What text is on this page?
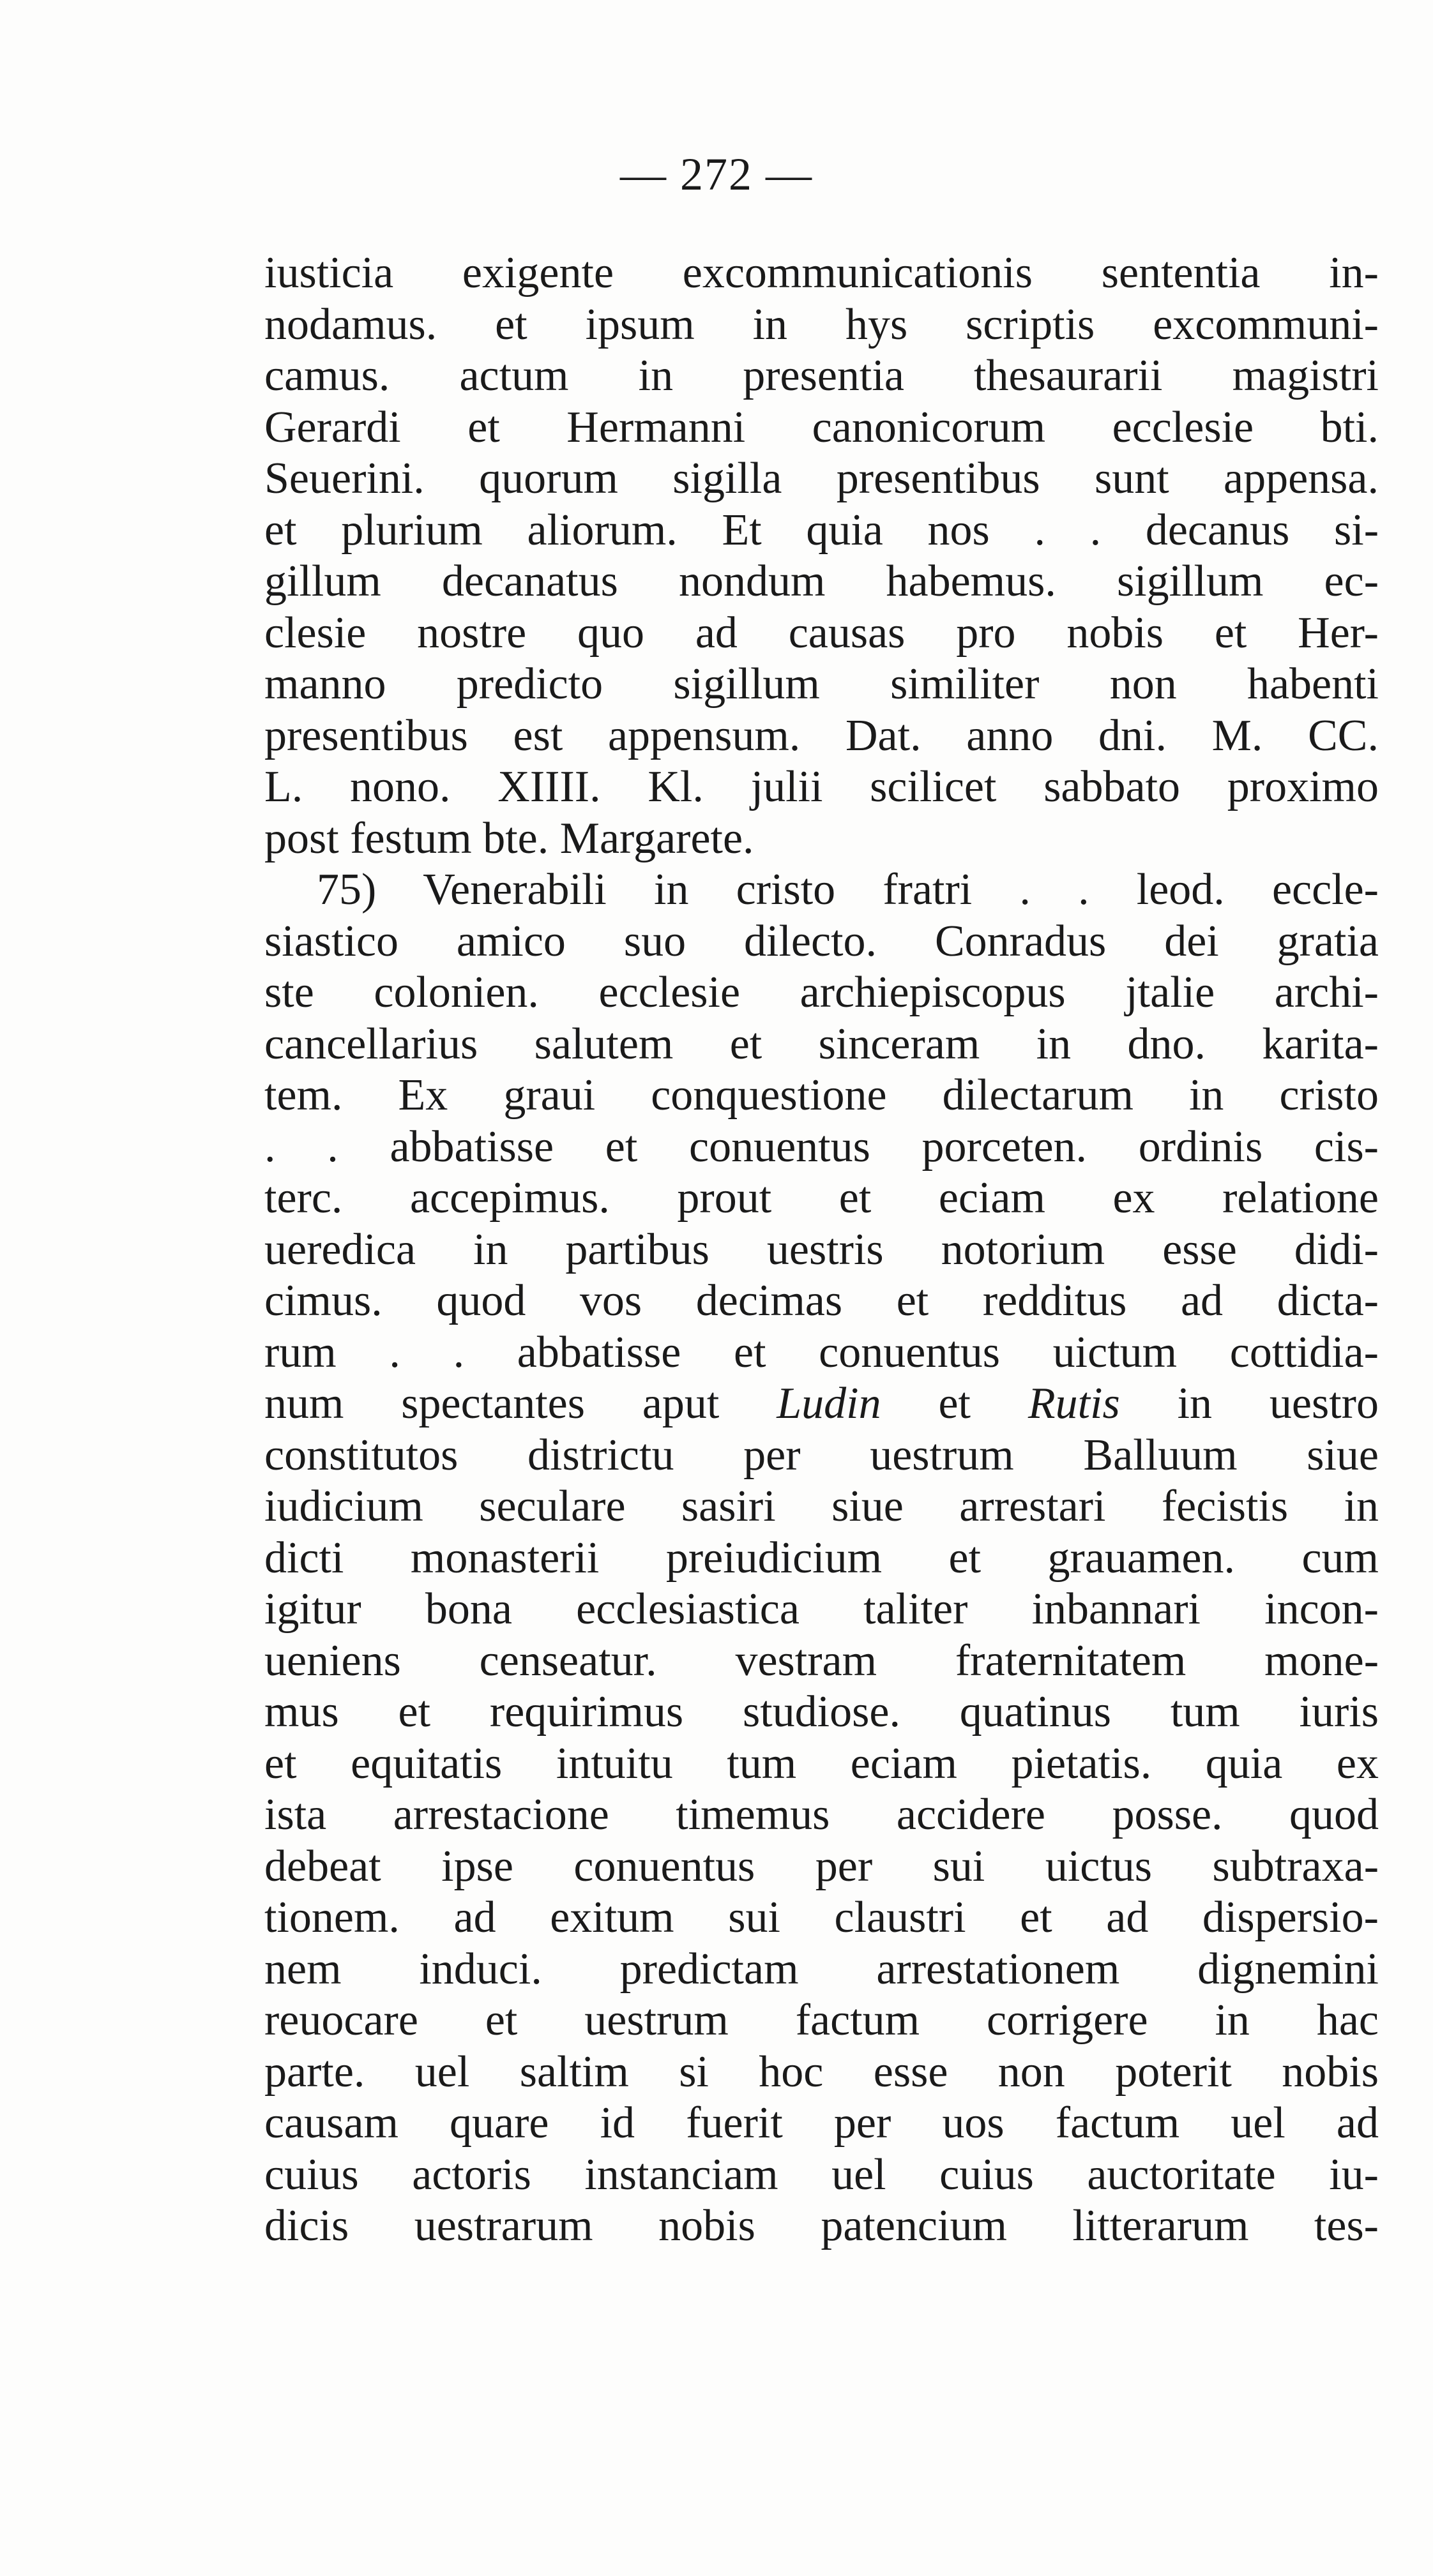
— 272 —
iusticia exigente excommunicationis sententia in-
nodamus. et ipsum in hys scriptis excommuni-
camus. actum in presentia thesaurarii magistri
Gerardi et Hermanni canonicorum ecclesie bti.
Seuerini. quorum sigilla presentibus sunt appensa.
et plurium aliorum. Et quia nos . . decanus si-
gillum decanatus nondum habemus. sigillum ec-
clesie nostre quo ad causas pro nobis et Her-
manno predicto sigillum similiter non habenti
presentibus est appensum. Dat. anno dni. M. CC.
L. nono. XIIII. Kl. julii scilicet sabbato proximo
post festum bte. Margarete.
75) Venerabili in cristo fratri . . leod. eccle-
siastico amico suo dilecto. Conradus dei gratia
ste colonien. ecclesie archiepiscopus jtalie archi-
cancellarius salutem et sinceram in dno. karita-
tem. Ex graui conquestione dilectarum in cristo
. . abbatisse et conuentus porceten. ordinis cis-
terc. accepimus. prout et eciam ex relatione
ueredica in partibus uestris notorium esse didi-
cimus. quod vos decimas et redditus ad dicta-
rum . . abbatisse et conuentus uictum cottidia-
num spectantes aput Ludin et Rutis in uestro
constitutos districtu per uestrum Balluum siue
iudicium seculare sasiri siue arrestari fecistis in
dicti monasterii preiudicium et grauamen. cum
igitur bona ecclesiastica taliter inbannari incon-
ueniens censeatur. vestram fraternitatem mone-
mus et requirimus studiose. quatinus tum iuris
et equitatis intuitu tum eciam pietatis. quia ex
ista arrestacione timemus accidere posse. quod
debeat ipse conuentus per sui uictus subtraxa-
tionem. ad exitum sui claustri et ad dispersio-
nem induci. predictam arrestationem dignemini
reuocare et uestrum factum corrigere in hac
parte. uel saltim si hoc esse non poterit nobis
causam quare id fuerit per uos factum uel ad
cuius actoris instanciam uel cuius auctoritate iu-
dicis uestrarum nobis patencium litterarum tes-
